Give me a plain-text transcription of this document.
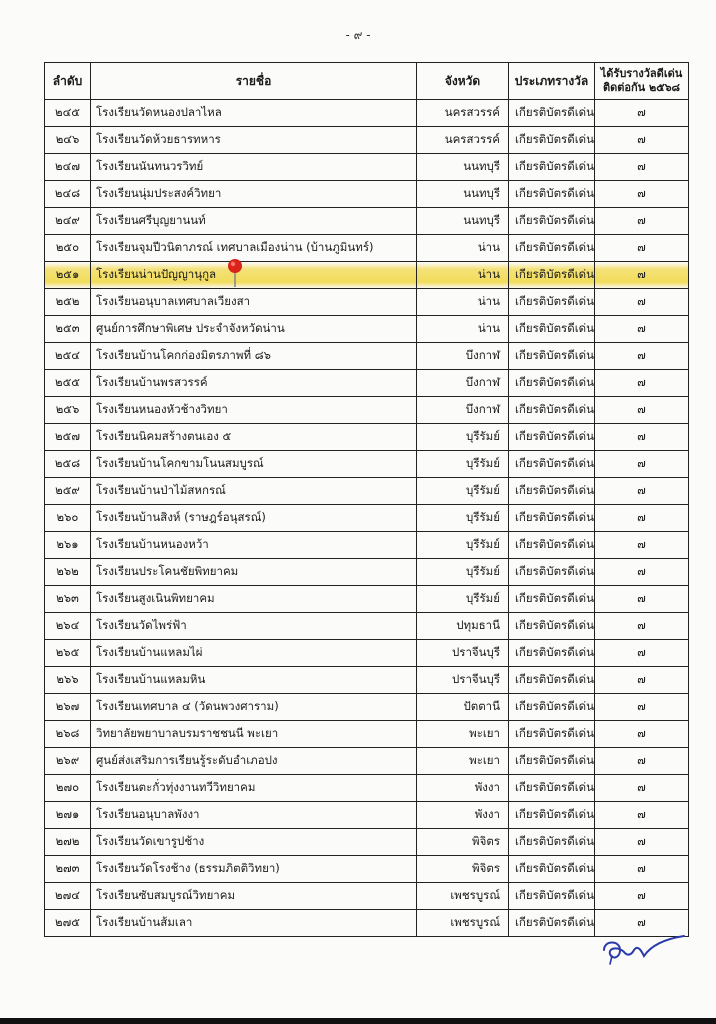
- ๙ -
ลำดับ	รายชื่อ	จังหวัด	ประเภทรางวัล	ได้รับรางวัลดีเด่น
ติดต่อกัน ๒๕๖๘
๒๔๕	โรงเรียนวัดหนองปลาไหล	นครสวรรค์	เกียรติบัตรดีเด่น	๗
๒๔๖	โรงเรียนวัดห้วยธารทหาร	นครสวรรค์	เกียรติบัตรดีเด่น	๗
๒๔๗	โรงเรียนนันทนวรวิทย์	นนทบุรี	เกียรติบัตรดีเด่น	๗
๒๔๘	โรงเรียนนุ่มประสงค์วิทยา	นนทบุรี	เกียรติบัตรดีเด่น	๗
๒๔๙	โรงเรียนศรีบุญยานนท์	นนทบุรี	เกียรติบัตรดีเด่น	๗
๒๕๐	โรงเรียนจุมปีวนิตาภรณ์ เทศบาลเมืองน่าน (บ้านภูมินทร์)	น่าน	เกียรติบัตรดีเด่น	๗
๒๕๑	โรงเรียนน่านปัญญานุกูล	น่าน	เกียรติบัตรดีเด่น	๗
๒๕๒	โรงเรียนอนุบาลเทศบาลเวียงสา	น่าน	เกียรติบัตรดีเด่น	๗
๒๕๓	ศูนย์การศึกษาพิเศษ ประจำจังหวัดน่าน	น่าน	เกียรติบัตรดีเด่น	๗
๒๕๔	โรงเรียนบ้านโคกก่องมิตรภาพที่ ๘๖	บึงกาฬ	เกียรติบัตรดีเด่น	๗
๒๕๕	โรงเรียนบ้านพรสวรรค์	บึงกาฬ	เกียรติบัตรดีเด่น	๗
๒๕๖	โรงเรียนหนองหัวช้างวิทยา	บึงกาฬ	เกียรติบัตรดีเด่น	๗
๒๕๗	โรงเรียนนิคมสร้างตนเอง ๕	บุรีรัมย์	เกียรติบัตรดีเด่น	๗
๒๕๘	โรงเรียนบ้านโคกขามโนนสมบูรณ์	บุรีรัมย์	เกียรติบัตรดีเด่น	๗
๒๕๙	โรงเรียนบ้านป่าไม้สหกรณ์	บุรีรัมย์	เกียรติบัตรดีเด่น	๗
๒๖๐	โรงเรียนบ้านสิงห์ (ราษฎร์อนุสรณ์)	บุรีรัมย์	เกียรติบัตรดีเด่น	๗
๒๖๑	โรงเรียนบ้านหนองหว้า	บุรีรัมย์	เกียรติบัตรดีเด่น	๗
๒๖๒	โรงเรียนประโคนชัยพิทยาคม	บุรีรัมย์	เกียรติบัตรดีเด่น	๗
๒๖๓	โรงเรียนสูงเนินพิทยาคม	บุรีรัมย์	เกียรติบัตรดีเด่น	๗
๒๖๔	โรงเรียนวัดไพร่ฟ้า	ปทุมธานี	เกียรติบัตรดีเด่น	๗
๒๖๕	โรงเรียนบ้านแหลมไผ่	ปราจีนบุรี	เกียรติบัตรดีเด่น	๗
๒๖๖	โรงเรียนบ้านแหลมหิน	ปราจีนบุรี	เกียรติบัตรดีเด่น	๗
๒๖๗	โรงเรียนเทศบาล ๔ (วัดนพวงศาราม)	ปัตตานี	เกียรติบัตรดีเด่น	๗
๒๖๘	วิทยาลัยพยาบาลบรมราชชนนี พะเยา	พะเยา	เกียรติบัตรดีเด่น	๗
๒๖๙	ศูนย์ส่งเสริมการเรียนรู้ระดับอำเภอปง	พะเยา	เกียรติบัตรดีเด่น	๗
๒๗๐	โรงเรียนตะกั่วทุ่งงานทวีวิทยาคม	พังงา	เกียรติบัตรดีเด่น	๗
๒๗๑	โรงเรียนอนุบาลพังงา	พังงา	เกียรติบัตรดีเด่น	๗
๒๗๒	โรงเรียนวัดเขารูปช้าง	พิจิตร	เกียรติบัตรดีเด่น	๗
๒๗๓	โรงเรียนวัดโรงช้าง (ธรรมภิตติวิทยา)	พิจิตร	เกียรติบัตรดีเด่น	๗
๒๗๔	โรงเรียนซับสมบูรณ์วิทยาคม	เพชรบูรณ์	เกียรติบัตรดีเด่น	๗
๒๗๕	โรงเรียนบ้านส้มเลา	เพชรบูรณ์	เกียรติบัตรดีเด่น	๗
